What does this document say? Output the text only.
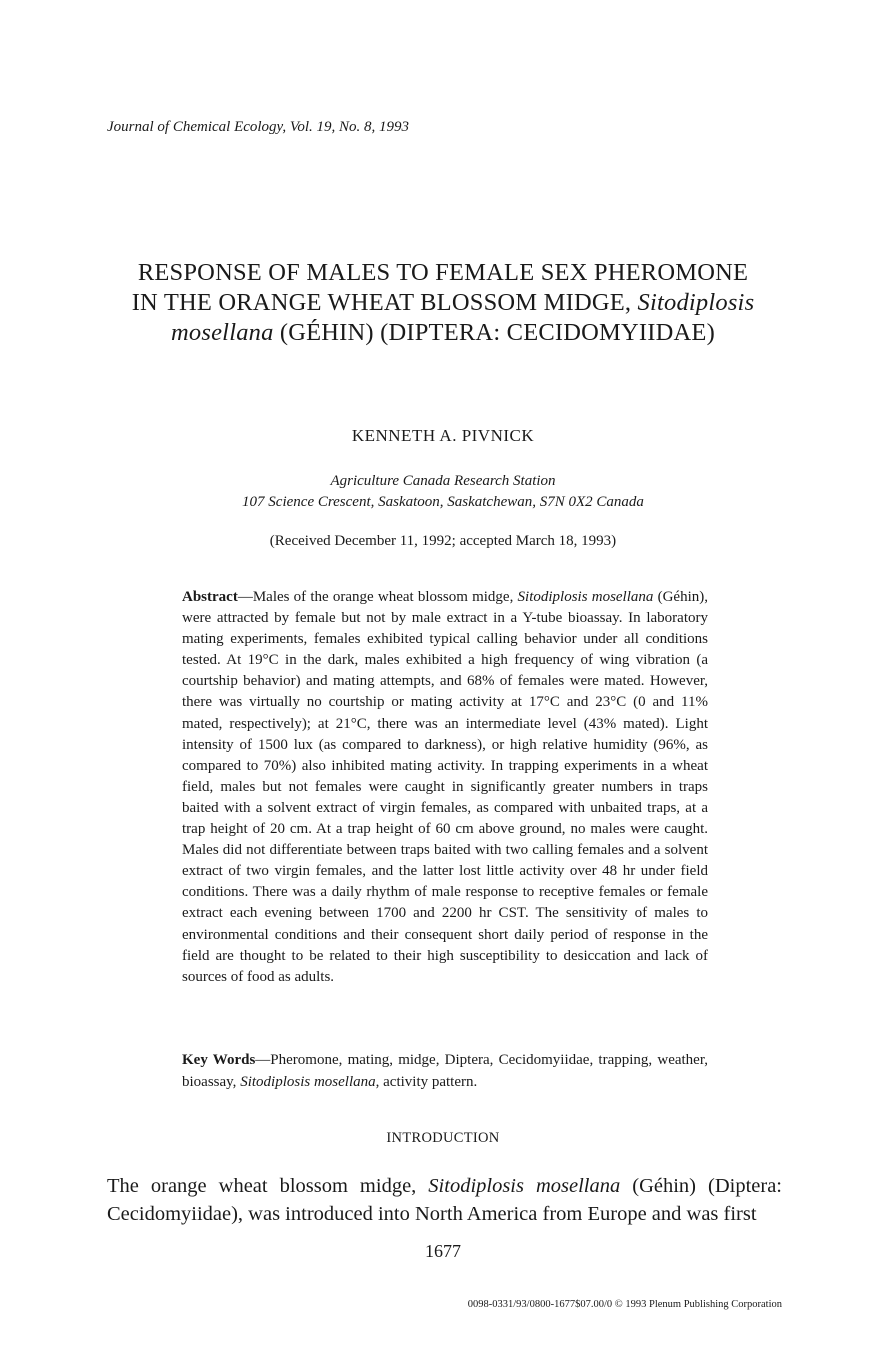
Journal of Chemical Ecology, Vol. 19, No. 8, 1993
RESPONSE OF MALES TO FEMALE SEX PHEROMONE
IN THE ORANGE WHEAT BLOSSOM MIDGE, Sitodiplosis
mosellana (GÉHIN) (DIPTERA: CECIDOMYIIDAE)
KENNETH A. PIVNICK
Agriculture Canada Research Station
107 Science Crescent, Saskatoon, Saskatchewan, S7N 0X2 Canada
(Received December 11, 1992; accepted March 18, 1993)

Abstract—Males of the orange wheat blossom midge, Sitodiplosis mosellana (Géhin), were attracted by female but not by male extract in a Y-tube bioassay. In laboratory mating experiments, females exhibited typical calling behavior under all conditions tested. At 19°C in the dark, males exhibited a high frequency of wing vibration (a courtship behavior) and mating attempts, and 68% of females were mated. However, there was virtually no courtship or mating activity at 17°C and 23°C (0 and 11% mated, respectively); at 21°C, there was an intermediate level (43% mated). Light intensity of 1500 lux (as compared to darkness), or high relative humidity (96%, as compared to 70%) also inhibited mating activity. In trapping experiments in a wheat field, males but not females were caught in significantly greater numbers in traps baited with a solvent extract of virgin females, as compared with unbaited traps, at a trap height of 20 cm. At a trap height of 60 cm above ground, no males were caught. Males did not differentiate between traps baited with two calling females and a solvent extract of two virgin females, and the latter lost little activity over 48 hr under field conditions. There was a daily rhythm of male response to receptive females or female extract each evening between 1700 and 2200 hr CST. The sensitivity of males to environmental conditions and their consequent short daily period of response in the field are thought to be related to their high susceptibility to desiccation and lack of sources of food as adults.

Key Words—Pheromone, mating, midge, Diptera, Cecidomyiidae, trapping, weather, bioassay, Sitodiplosis mosellana, activity pattern.

INTRODUCTION

The orange wheat blossom midge, Sitodiplosis mosellana (Géhin) (Diptera: Cecidomyiidae), was introduced into North America from Europe and was first

1677
0098-0331/93/0800-1677$07.00/0 © 1993 Plenum Publishing Corporation
